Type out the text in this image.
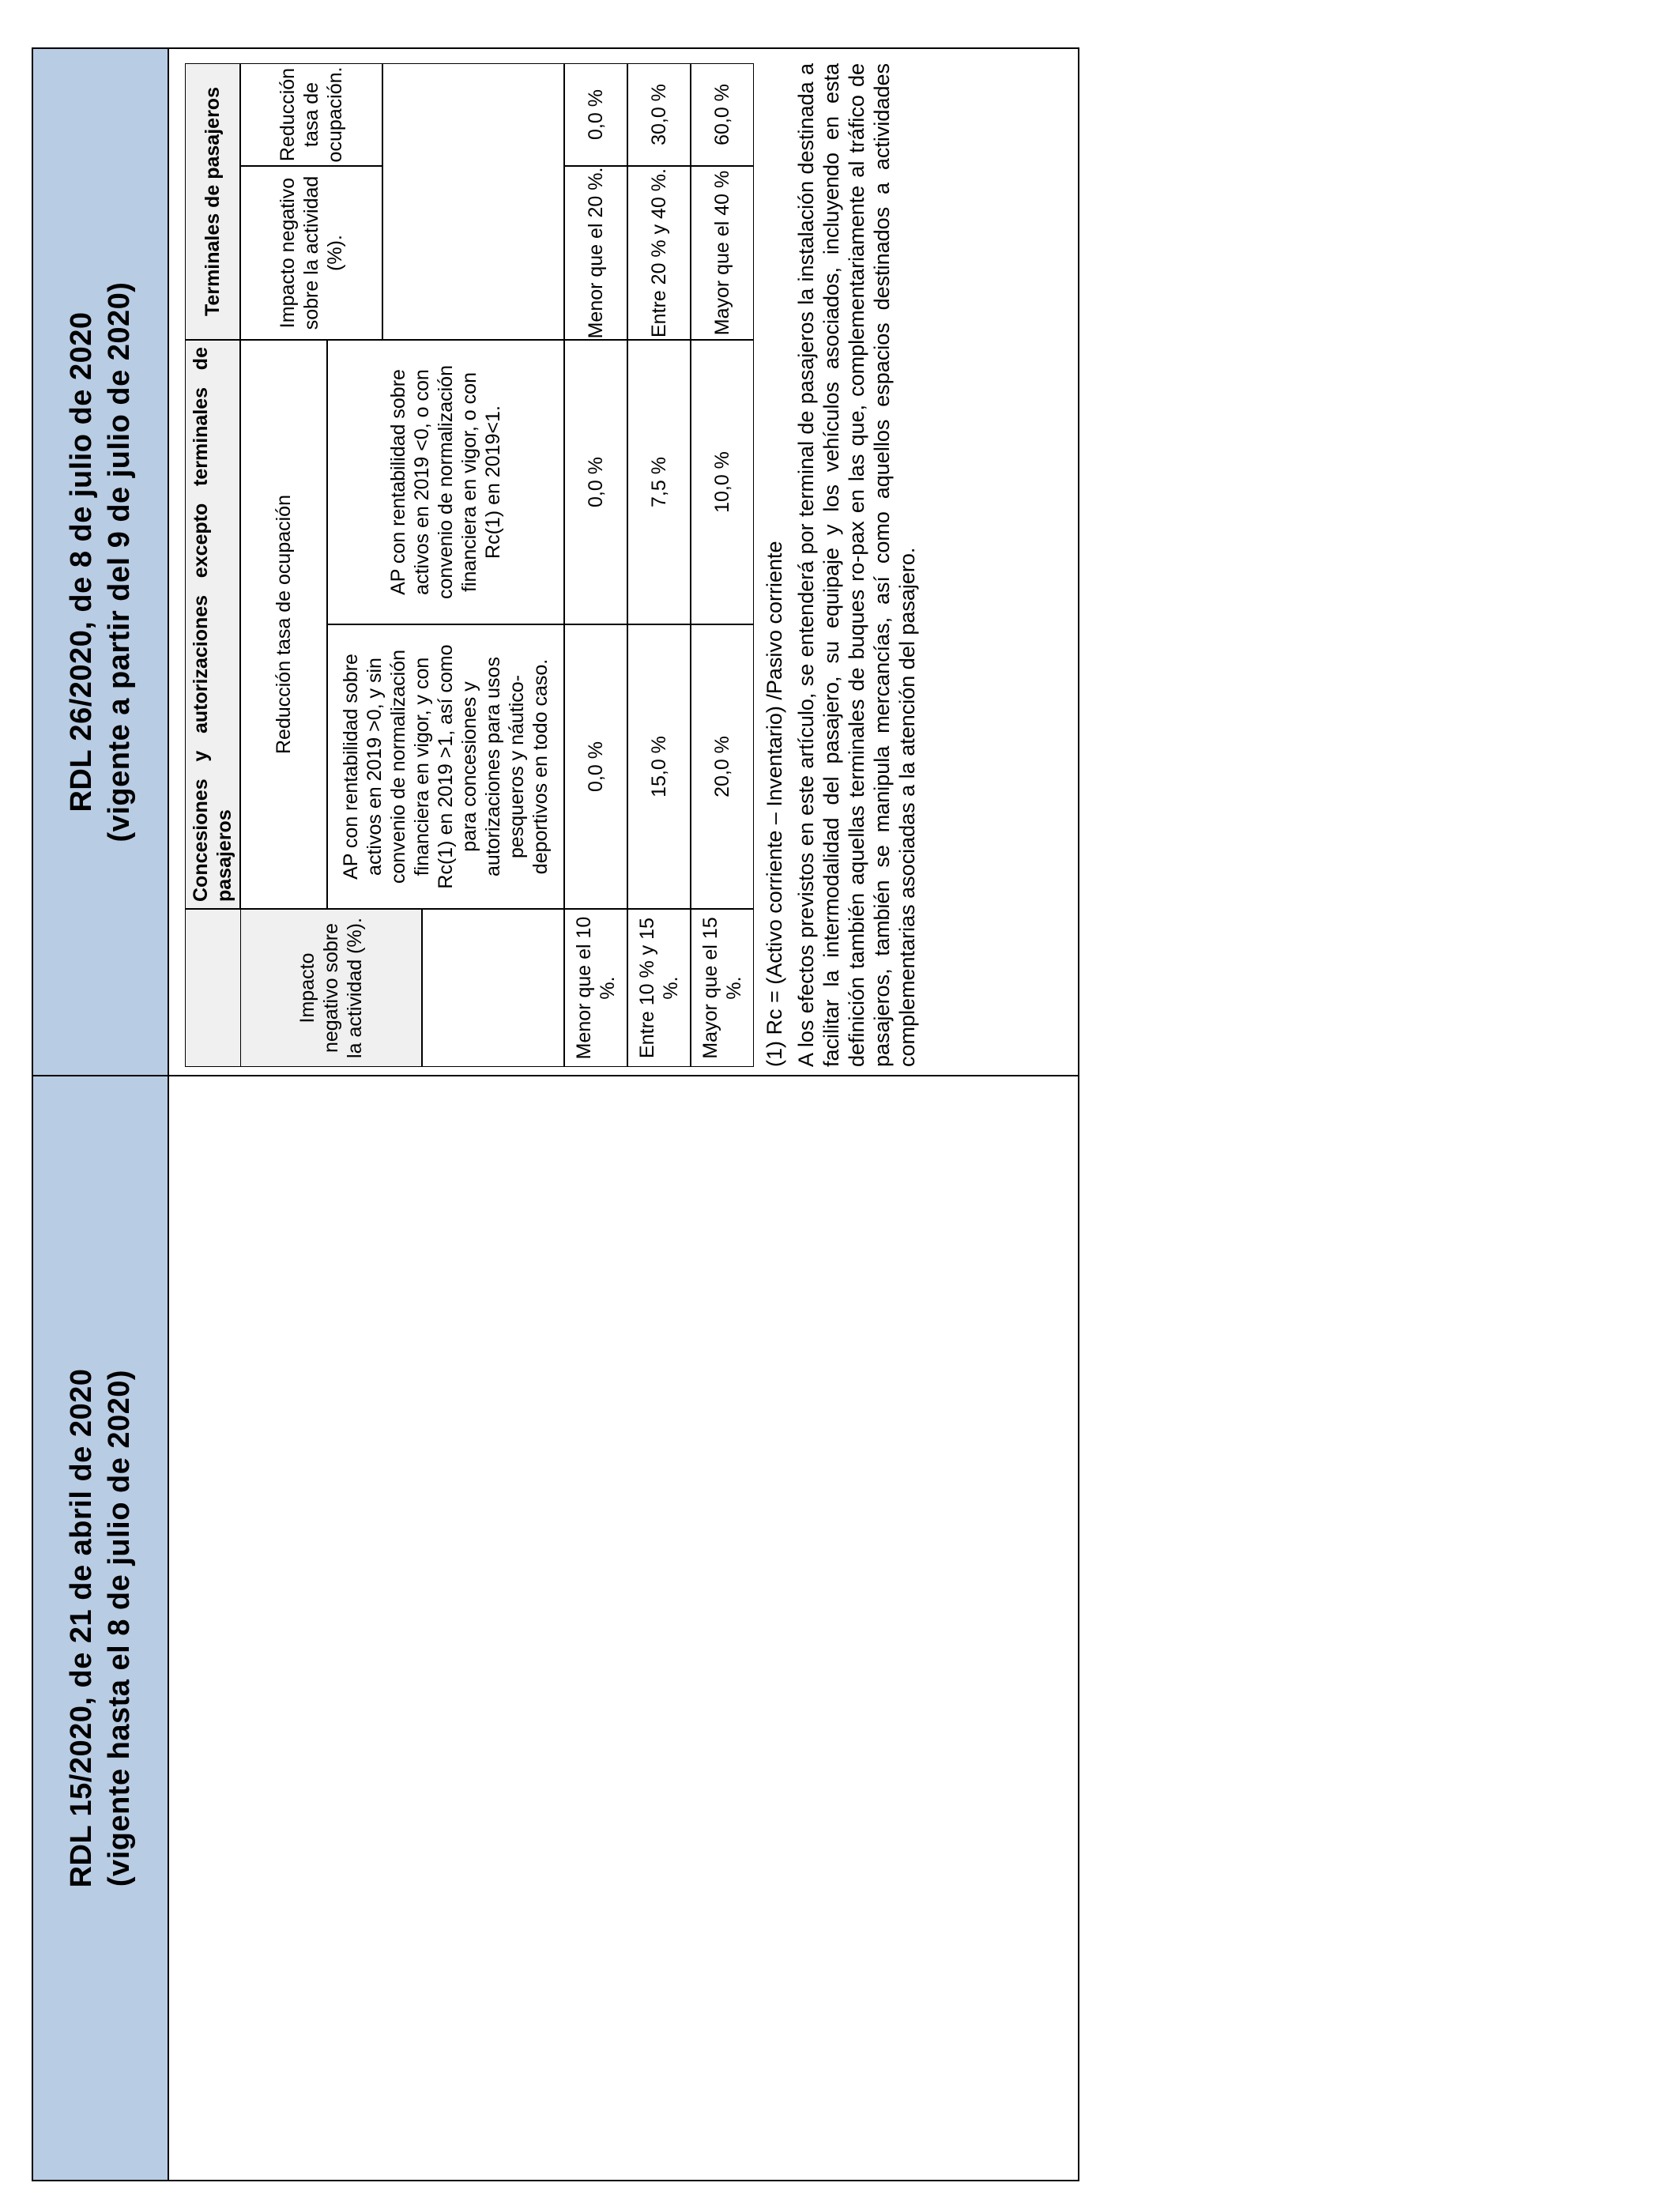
RDL 15/2020, de 21 de abril de 2020 (vigente hasta el 8 de julio de 2020)
RDL 26/2020, de 8 de julio de 2020 (vigente a partir del 9 de julio de 2020)	Concesiones y autorizaciones excepto terminales de pasajeros
Terminales de pasajeros
Impacto negativo sobre la actividad (%).
Reducción tasa de ocupación
Impacto negativo sobre la actividad (%).
Reducción tasa de ocupación.
AP con rentabilidad sobre activos en 2019 >0, y sin convenio de normalización financiera en vigor, y con Rc(1) en 2019 >1, así como para concesiones y autorizaciones para usos pesqueros y náutico-deportivos en todo caso.
AP con rentabilidad sobre activos en 2019 <0, o con convenio de normalización financiera en vigor, o con Rc(1) en 2019<1.
Menor que el 10 %.
0,0 %
0,0 %
Menor que el 20 %.
0,0 %
Entre 10 % y 15 %.
15,0 %
7,5 %
Entre 20 % y 40 %.
30,0 %
Mayor que el 15 %.
20,0 %
10,0 %
Mayor que el 40 %
60,0 %
(1) Rc = (Activo corriente – Inventario) /Pasivo corriente A los efectos previstos en este artículo, se entenderá por terminal de pasajeros la instalación destinada a facilitar la intermodalidad del pasajero, su equipaje y los vehículos asociados, incluyendo en esta definición también aquellas terminales de buques ro-pax en las que, complementariamente al tráfico de pasajeros, también se manipula mercancías, así como aquellos espacios destinados a actividades complementarias asociadas a la atención del pasajero.
